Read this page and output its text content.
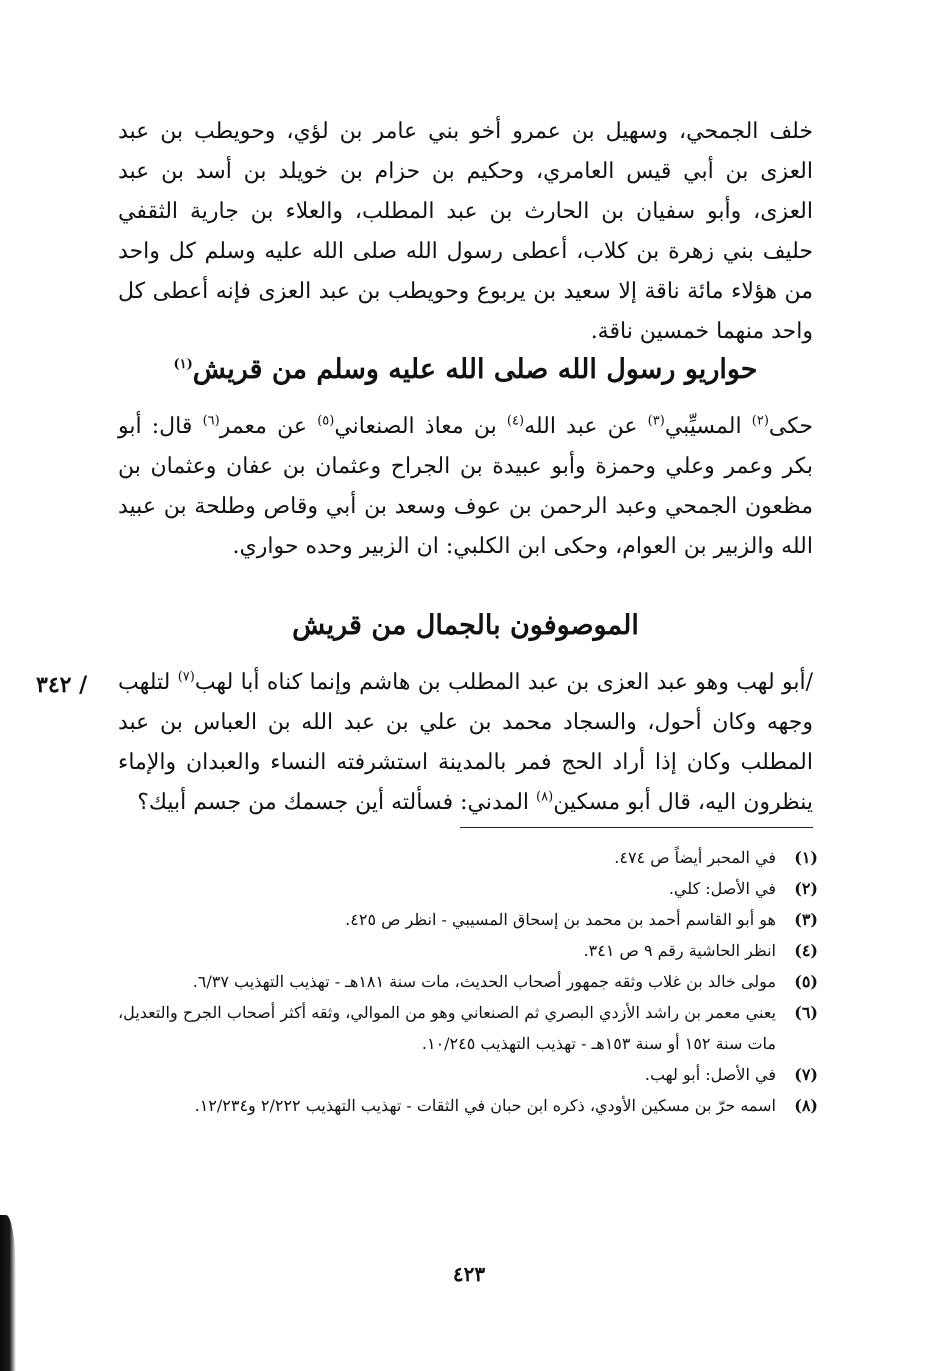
خلف الجمحي، وسهيل بن عمرو أخو بني عامر بن لؤي، وحويطب بن عبد العزى بن أبي قيس العامري، وحكيم بن حزام بن خويلد بن أسد بن عبد العزى، وأبو سفيان بن الحارث بن عبد المطلب، والعلاء بن جارية الثقفي حليف بني زهرة بن كلاب، أعطى رسول الله صلى الله عليه وسلم كل واحد من هؤلاء مائة ناقة إلا سعيد بن يربوع وحويطب بن عبد العزى فإنه أعطى كل واحد منهما خمسين ناقة.

حواريو رسول الله صلى الله عليه وسلم من قريش$^{(١)}$

حكى$^{(٢)}$ المسيِّبي$^{(٣)}$ عن عبد الله$^{(٤)}$ بن معاذ الصنعاني$^{(٥)}$ عن معمر$^{(٦)}$ قال: أبو بكر وعمر وعلي وحمزة وأبو عبيدة بن الجراح وعثمان بن عفان وعثمان بن مظعون الجمحي وعبد الرحمن بن عوف وسعد بن أبي وقاص وطلحة بن عبيد الله والزبير بن العوام، وحكى ابن الكلبي: ان الزبير وحده حواري.

الموصوفون بالجمال من قريش
/ ٣٤٢	/أبو لهب وهو عبد العزى بن عبد المطلب بن هاشم وإنما كناه أبا لهب$^{(٧)}$ لتلهب وجهه وكان أحول، والسجاد محمد بن علي بن عبد الله بن العباس بن عبد المطلب وكان إذا أراد الحج فمر بالمدينة استشرفته النساء والعبدان والإماء ينظرون اليه، قال أبو مسكين$^{(٨)}$ المدني: فسألته أين جسمك من جسم أبيك؟

(١)
في المحبر أيضاً ص ٤٧٤.
(٢)
في الأصل: كلي.
(٣)
هو أبو القاسم أحمد بن محمد بن إسحاق المسيبي - انظر ص ٤٢٥.
(٤)
انظر الحاشية رقم ٩ ص ٣٤١.
(٥)
مولى خالد بن غلاب وثقه جمهور أصحاب الحديث، مات سنة ١٨١هـ - تهذيب التهذيب ٦/٣٧.
(٦)
يعني معمر بن راشد الأزدي البصري ثم الصنعاني وهو من الموالي، وثقه أكثر أصحاب الجرح والتعديل، مات سنة ١٥٢ أو سنة ١٥٣هـ - تهذيب التهذيب ١٠/٢٤٥.
(٧)
في الأصل: أبو لهب.
(٨)
اسمه حرّ بن مسكين الأودي، ذكره ابن حبان في الثقات - تهذيب التهذيب ٢/٢٢٢ و١٢/٢٣٤.
٤٢٣
